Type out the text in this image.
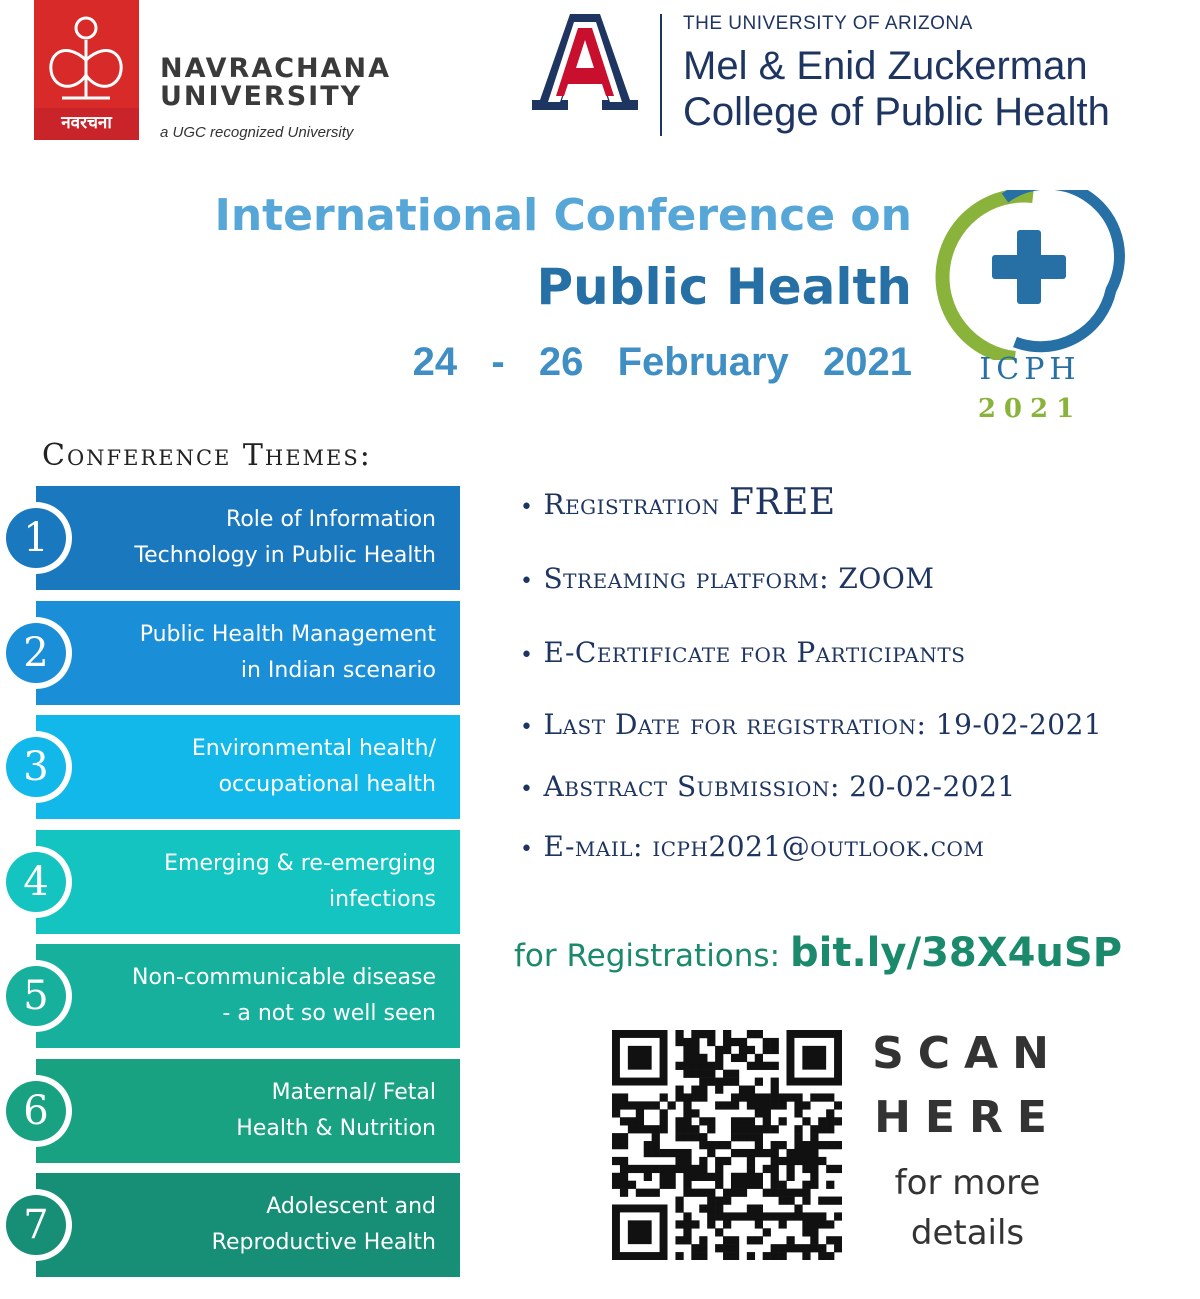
नवरचना
NAVRACHANA
UNIVERSITY
a UGC recognized University
THE UNIVERSITY OF ARIZONA
Mel & Enid Zuckerman
College of Public Health
International Conference on
Public Health
24  -  26  February  2021	ICPH
2021
Conference Themes:
Role of Information
Technology in Public Health
1
Public Health Management
in Indian scenario
2
Environmental health/
occupational health
3
Emerging & re-emerging
infections
4
Non-communicable disease
- a not so well seen
5
Maternal/ Fetal
Health & Nutrition
6
Adolescent and
Reproductive Health
7
• Registration FREE
• Streaming platform: ZOOM
• E-Certificate for Participants
• Last Date for registration: 19-02-2021
• Abstract Submission: 20-02-2021
• E-mail: icph2021@outlook.com
for Registrations: bit.ly/38X4uSP
SCAN
HERE
for more
details
